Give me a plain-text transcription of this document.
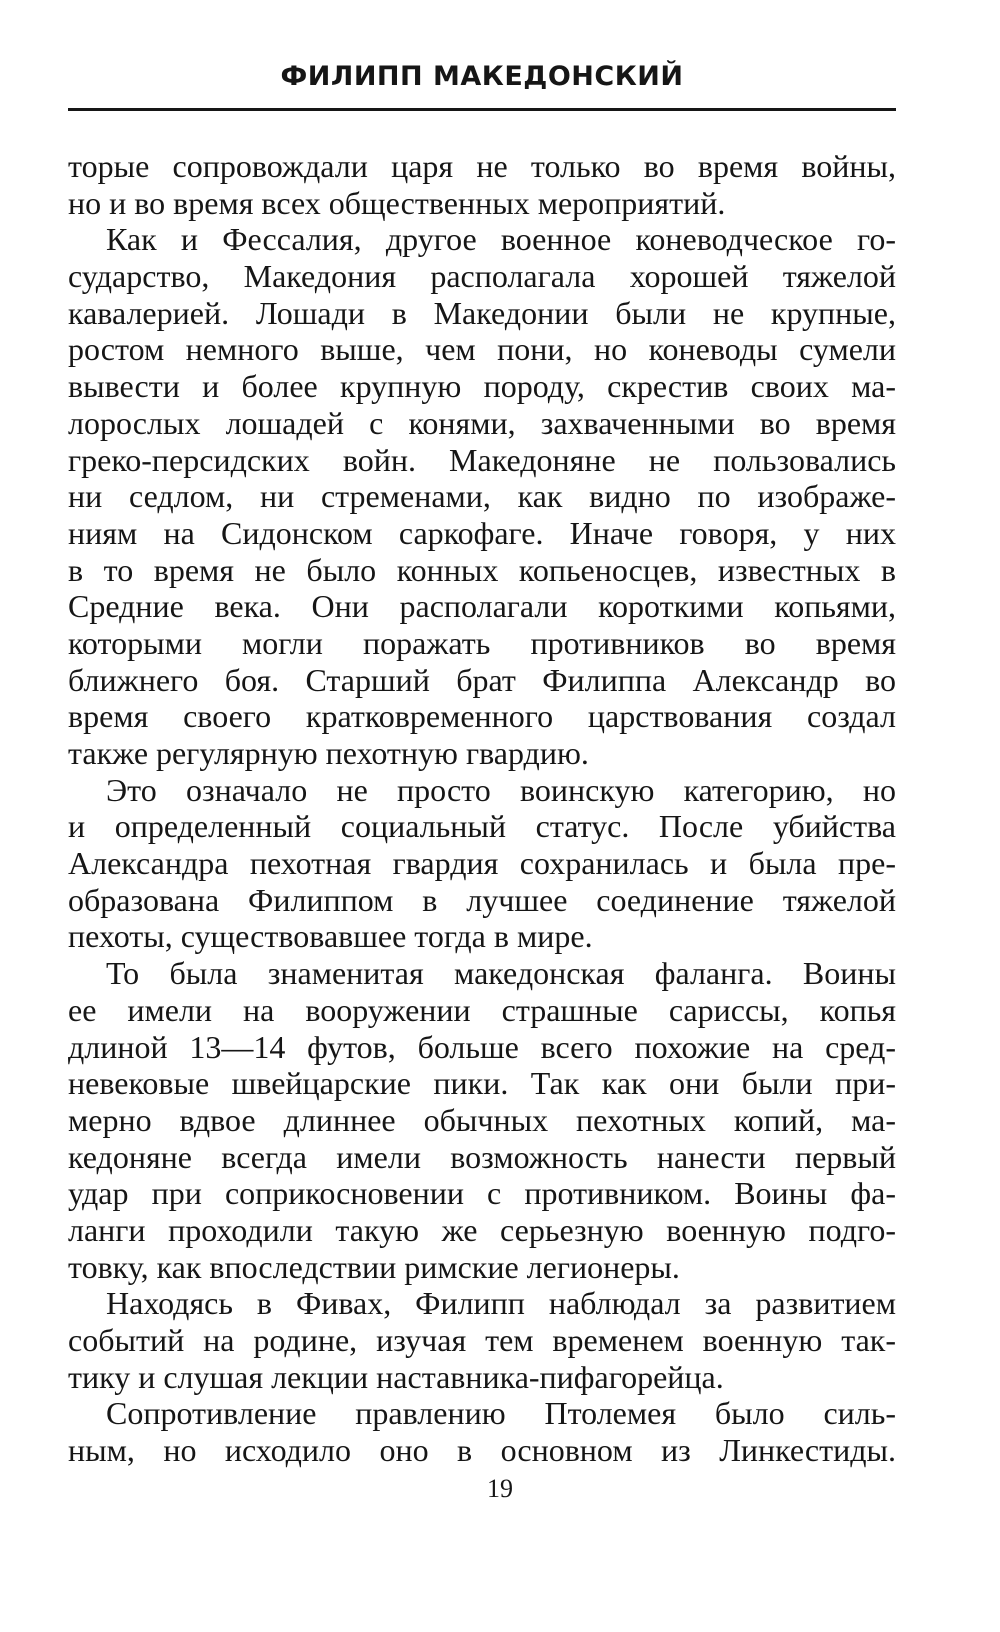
ФИЛИПП МАКЕДОНСКИЙ
торые сопровождали царя не только во время войны,
но и во время всех общественных мероприятий.
Как и Фессалия, другое военное коневодческое го-
сударство, Македония располагала хорошей тяжелой
кавалерией. Лошади в Македонии были не крупные,
ростом немного выше, чем пони, но коневоды сумели
вывести и более крупную породу, скрестив своих ма-
лорослых лошадей с конями, захваченными во время
греко-персидских войн. Македоняне не пользовались
ни седлом, ни стременами, как видно по изображе-
ниям на Сидонском саркофаге. Иначе говоря, у них
в то время не было конных копьеносцев, известных в
Средние века. Они располагали короткими копьями,
которыми могли поражать противников во время
ближнего боя. Старший брат Филиппа Александр во
время своего кратковременного царствования создал
также регулярную пехотную гвардию.
Это означало не просто воинскую категорию, но
и определенный социальный статус. После убийства
Александра пехотная гвардия сохранилась и была пре-
образована Филиппом в лучшее соединение тяжелой
пехоты, существовавшее тогда в мире.
То была знаменитая македонская фаланга. Воины
ее имели на вооружении страшные сариссы, копья
длиной 13—14 футов, больше всего похожие на сред-
невековые швейцарские пики. Так как они были при-
мерно вдвое длиннее обычных пехотных копий, ма-
кедоняне всегда имели возможность нанести первый
удар при соприкосновении с противником. Воины фа-
ланги проходили такую же серьезную военную подго-
товку, как впоследствии римские легионеры.
Находясь в Фивах, Филипп наблюдал за развитием
событий на родине, изучая тем временем военную так-
тику и слушая лекции наставника-пифагорейца.
Сопротивление правлению Птолемея было силь-
ным, но исходило оно в основном из Линкестиды.
19
